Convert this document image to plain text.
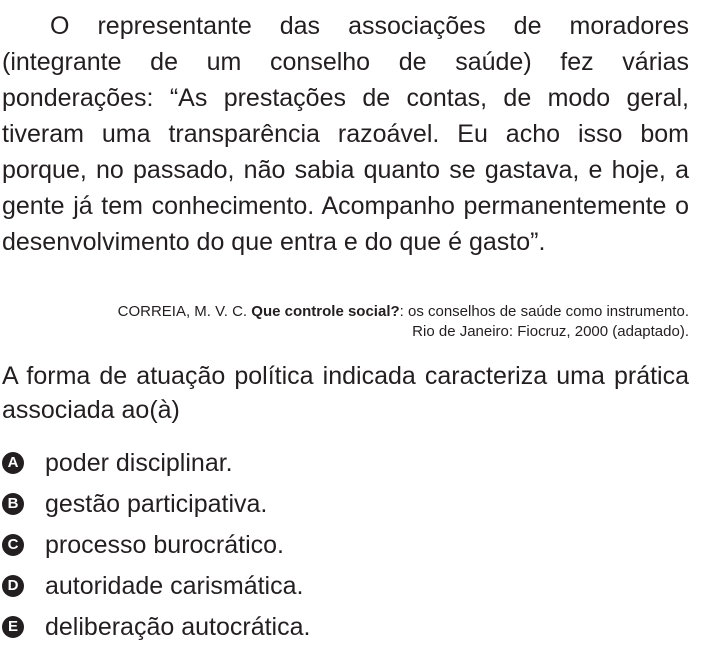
O representante das associações de moradores (integrante de um conselho de saúde) fez várias ponderações: “As prestações de contas, de modo geral, tiveram uma transparência razoável. Eu acho isso bom porque, no passado, não sabia quanto se gastava, e hoje, a gente já tem conhecimento. Acompanho permanentemente o desenvolvimento do que entra e do que é gasto”.

CORREIA, M. V. C. Que controle social?: os conselhos de saúde como instrumento.
Rio de Janeiro: Fiocruz, 2000 (adaptado).

A forma de atuação política indicada caracteriza uma prática associada ao(à)

A poder disciplinar.
B gestão participativa.
C processo burocrático.
D autoridade carismática.
E deliberação autocrática.
